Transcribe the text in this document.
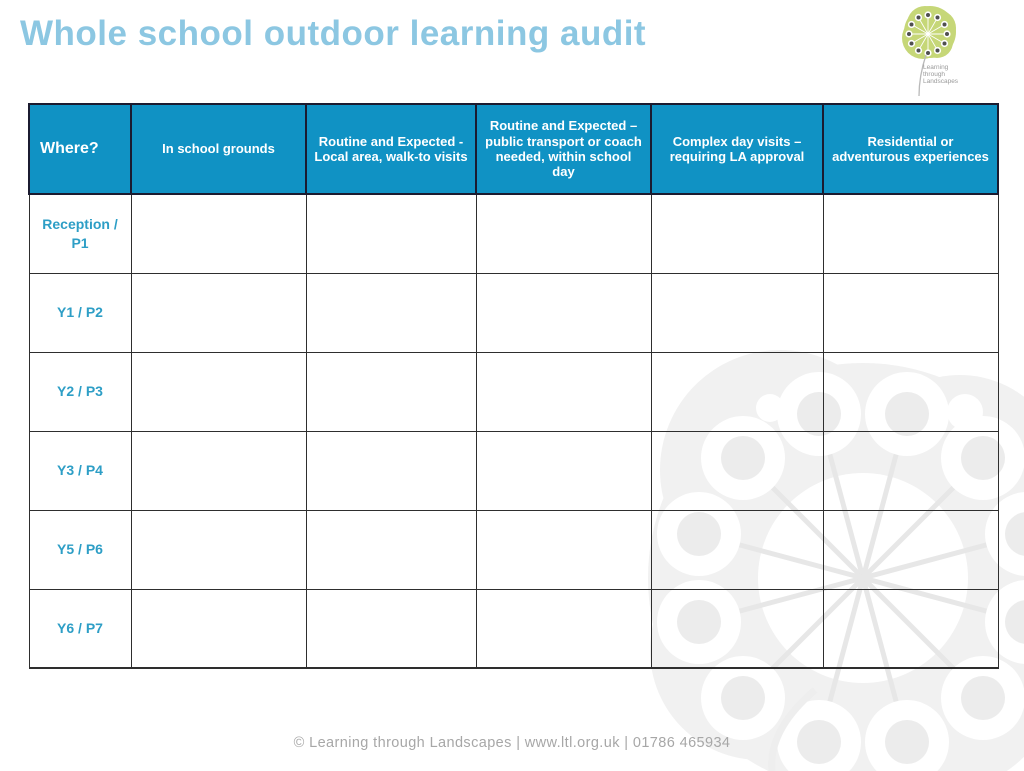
Whole school outdoor learning audit
Learning
through
Landscapes
Where?	In school grounds	Routine and Expected - Local area, walk-to visits	Routine and Expected – public transport or coach needed, within school day	Complex day visits – requiring LA approval	Residential or adventurous experiences
Reception / P1					
Y1 / P2					
Y2 / P3					
Y3 / P4					
Y5 / P6					
Y6 / P7					
© Learning through Landscapes | www.ltl.org.uk | 01786 465934
